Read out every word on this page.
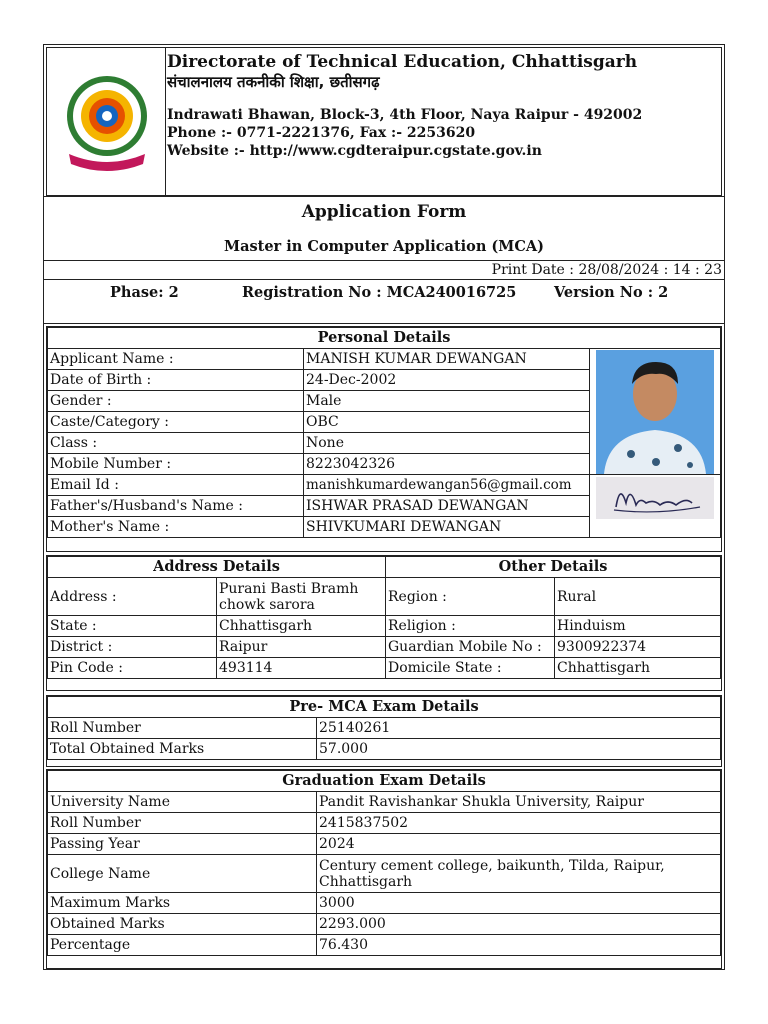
Directorate of Technical Education, Chhattisgarh
संचालनालय तकनीकी शिक्षा, छतीसगढ़
Indrawati Bhawan, Block-3, 4th Floor, Naya Raipur - 492002
Phone :- 0771-2221376, Fax :- 2253620
Website :- http://www.cgdteraipur.cgstate.gov.in
Application Form
Master in Computer Application (MCA)
Print Date : 28/08/2024 : 14 : 23
Phase: 2	Registration No : MCA240016725	Version No : 2
Personal Details		
Applicant Name :	MANISH KUMAR DEWANGAN	

Date of Birth :	24-Dec-2002	
Gender :	Male	
Caste/Category :	OBC	
Class :	None	
Mobile Number :	8223042326	
Email Id :	manishkumardewangan56@gmail.com	

Father's/Husband's Name :	ISHWAR PRASAD DEWANGAN	
Mother's Name :	SHIVKUMARI DEWANGAN	
Address Details		Other Details	
Address :	Purani Basti Bramh chowk sarora	Region :	Rural
State :	Chhattisgarh	Religion :	Hinduism
District :	Raipur	Guardian Mobile No :	9300922374
Pin Code :	493114	Domicile State :	Chhattisgarh
Pre- MCA Exam Details	
Roll Number	25140261
Total Obtained Marks	57.000
Graduation Exam Details	
University Name	Pandit Ravishankar Shukla University, Raipur
Roll Number	2415837502
Passing Year	2024
College Name	Century cement college, baikunth, Tilda, Raipur, Chhattisgarh
Maximum Marks	3000
Obtained Marks	2293.000
Percentage	76.430
